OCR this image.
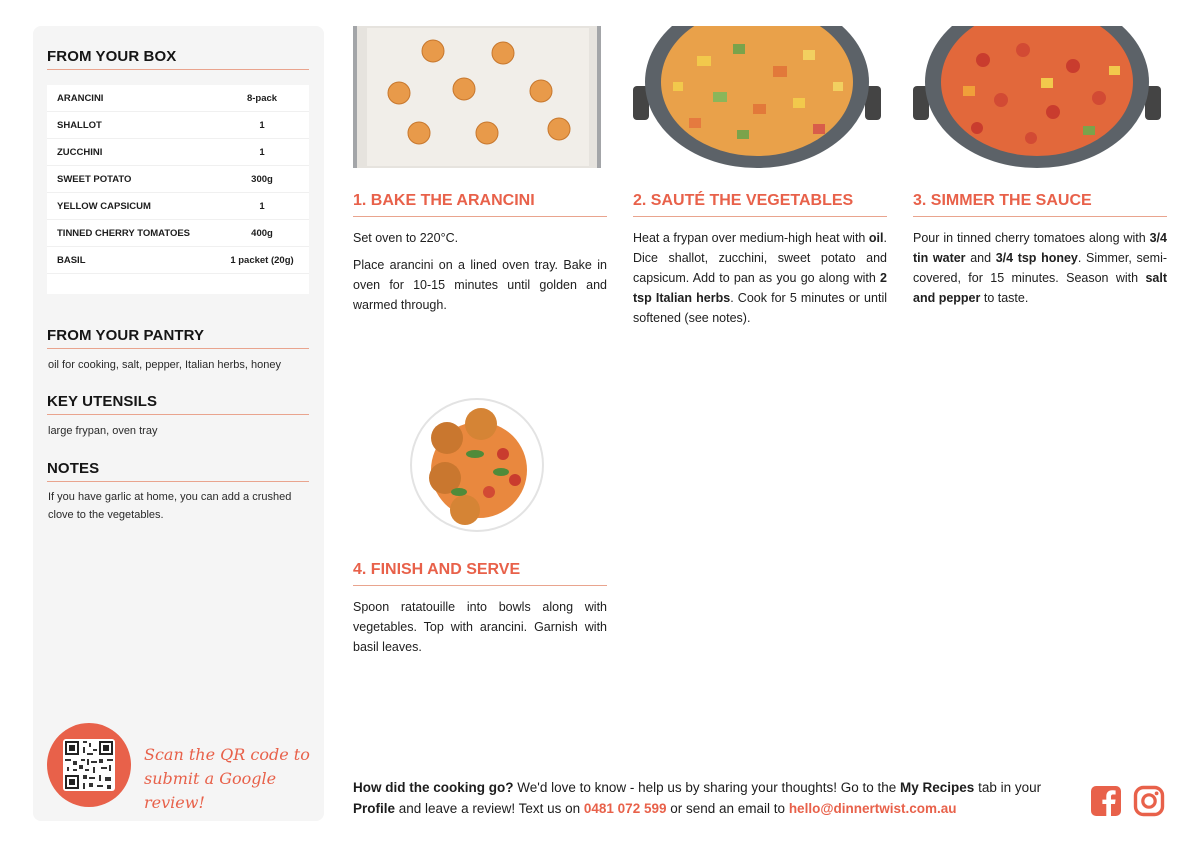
FROM YOUR BOX
ARANCINI	8-pack
SHALLOT	1
ZUCCHINI	1
SWEET POTATO	300g
YELLOW CAPSICUM	1
TINNED CHERRY TOMATOES	400g
BASIL	1 packet (20g)
FROM YOUR PANTRY

oil for cooking, salt, pepper, Italian herbs, honey

KEY UTENSILS

large frypan, oven tray

NOTES

If you have garlic at home, you can add a crushed clove to the vegetables.

Scan the QR code to
submit a Google review!
1. BAKE THE ARANCINI

Set oven to 220°C.

Place arancini on a lined oven tray. Bake in oven for 10-15 minutes until golden and warmed through.

2. SAUTÉ THE VEGETABLES

Heat a frypan over medium-high heat with oil. Dice shallot, zucchini, sweet potato and capsicum. Add to pan as you go along with 2 tsp Italian herbs. Cook for 5 minutes or until softened (see notes).

3. SIMMER THE SAUCE

Pour in tinned cherry tomatoes along with 3/4 tin water and 3/4 tsp honey. Simmer, semi-covered, for 15 minutes. Season with salt and pepper to taste.

4. FINISH AND SERVE

Spoon ratatouille into bowls along with vegetables. Top with arancini. Garnish with basil leaves.

How did the cooking go? We'd love to know - help us by sharing your thoughts! Go to the My Recipes tab in your Profile and leave a review! Text us on 0481 072 599 or send an email to hello@dinnertwist.com.au
